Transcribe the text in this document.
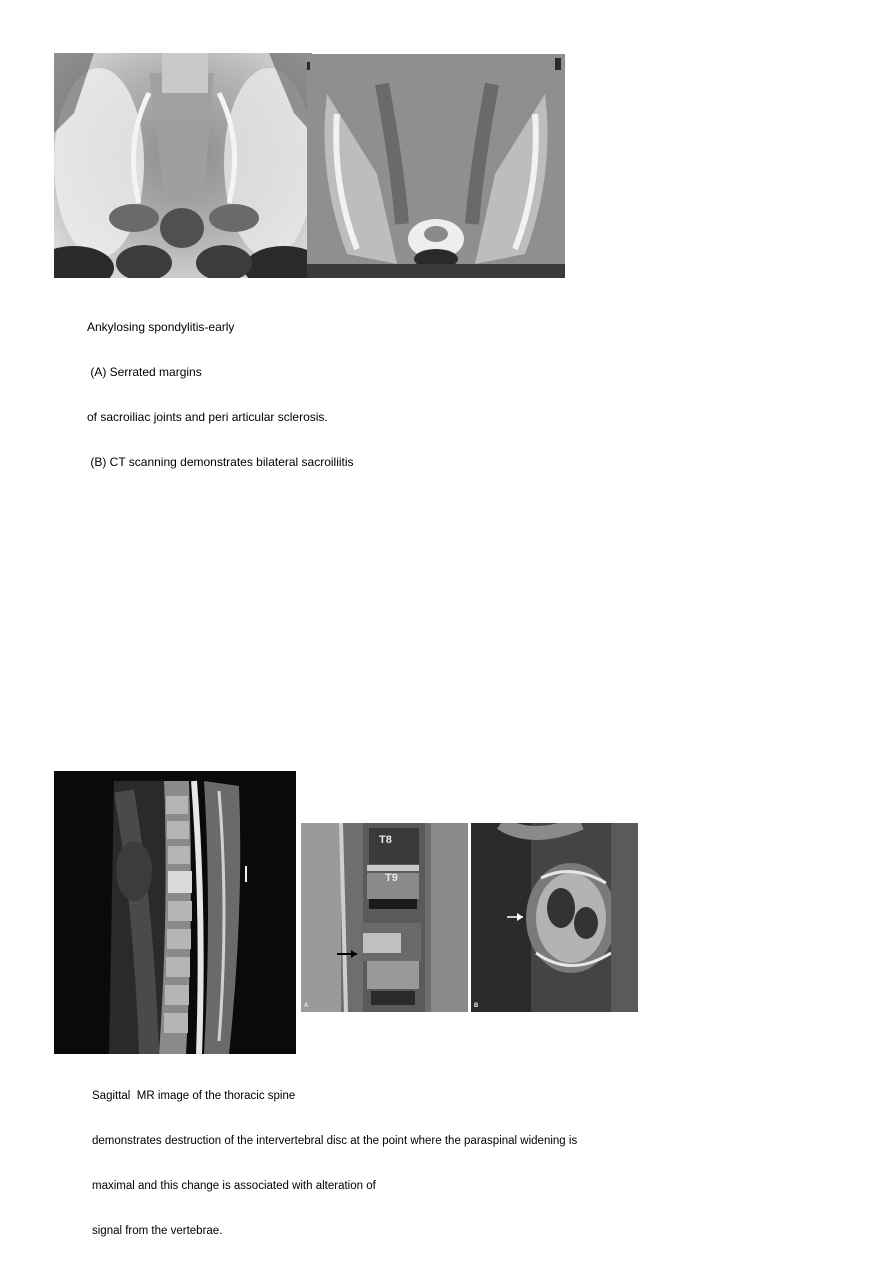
Ankylosing spondylitis-early

(A) Serrated margins

of sacroiliac joints and peri articular sclerosis.

(B) CT scanning demonstrates bilateral sacroiliitis

T8
T9
A	B

Sagittal  MR image of the thoracic spine

demonstrates destruction of the intervertebral disc at the point where the paraspinal widening is

maximal and this change is associated with alteration of

signal from the vertebrae.
